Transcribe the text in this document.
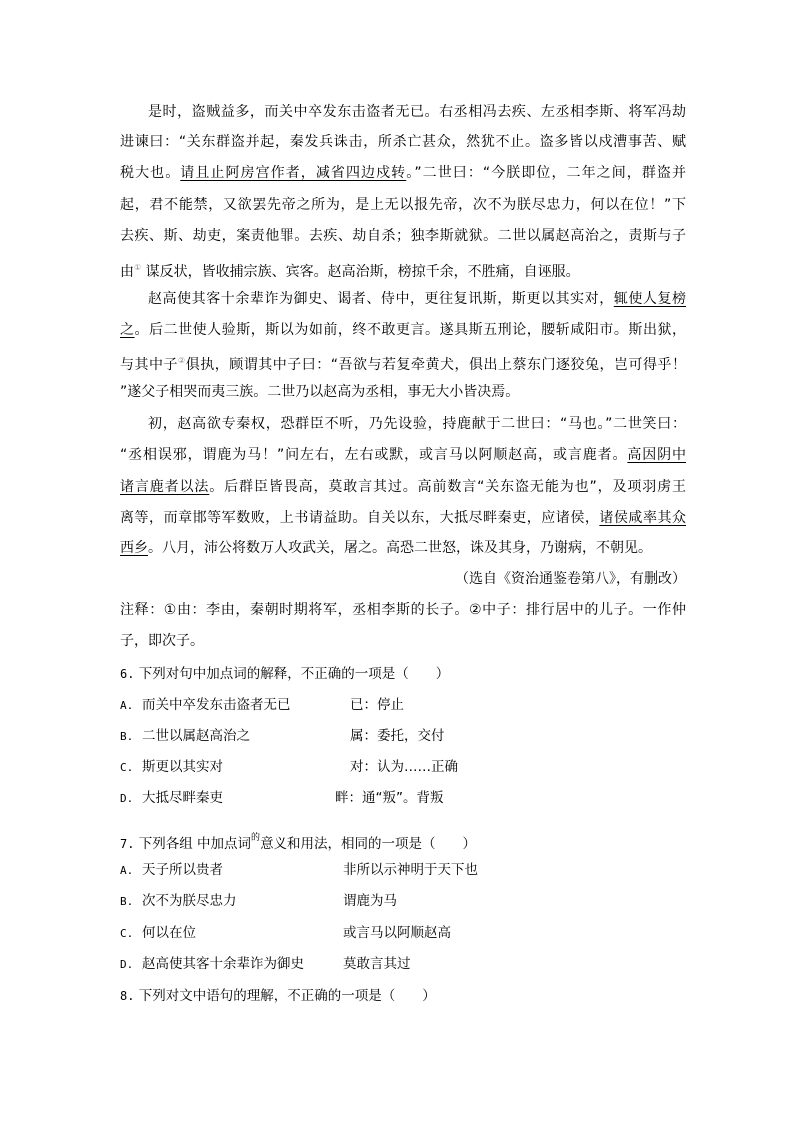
是时，盗贼益多，而关中卒发东击盗者无已。右丞相冯去疾、左丞相李斯、将军冯劫
进谏曰：“关东群盗并起，秦发兵诛击，所杀亡甚众，然犹不止。盗多皆以戍漕事苦、赋
税大也。请且止阿房宫作者，减省四边戍转。”二世曰：“今朕即位，二年之间，群盗并
起，君不能禁，又欲罢先帝之所为，是上无以报先帝，次不为朕尽忠力，何以在位！”下
去疾、斯、劫吏，案责他罪。去疾、劫自杀；独李斯就狱。二世以属赵高治之，责斯与子
由① 谋反状，皆收捕宗族、宾客。赵高治斯，榜掠千余，不胜痛，自诬服。
赵高使其客十余辈诈为御史、谒者、侍中，更往复讯斯，斯更以其实对，辄使人复榜
之。后二世使人验斯，斯以为如前，终不敢更言。遂具斯五刑论，腰斩咸阳市。斯出狱，
与其中子②俱执，顾谓其中子曰：“吾欲与若复牵黄犬，俱出上蔡东门逐狡兔，岂可得乎！
”遂父子相哭而夷三族。二世乃以赵高为丞相，事无大小皆决焉。
初，赵高欲专秦权，恐群臣不听，乃先设验，持鹿献于二世曰：“马也。”二世笑曰：
“丞相误邪，谓鹿为马！”问左右，左右或默，或言马以阿顺赵高，或言鹿者。高因阴中
诸言鹿者以法。后群臣皆畏高，莫敢言其过。高前数言“关东盗无能为也”，及项羽虏王
离等，而章邯等军数败，上书请益助。自关以东，大抵尽畔秦吏，应诸侯，诸侯咸率其众
西乡。八月，沛公将数万人攻武关，屠之。高恐二世怒，诛及其身，乃谢病，不朝见。
（选自《资治通鉴卷第八》，有删改）
注释：①由：李由，秦朝时期将军，丞相李斯的长子。②中子：排行居中的儿子。一作仲
子，即次子。
6. 下列对句中加点词的解释，不正确的一项是（　　）
A. 而关中卒发东击盗者无已	已：停止
B. 二世以属赵高治之	属：委托，交付
C. 斯更以其实对	对：认为……正确
D. 大抵尽畔秦吏	畔：通“叛”。背叛
7. 下列各组 中加点词$^的$意义和用法，相同的一项是（　　）
A. 天子所以贵者	非所以示神明于天下也
B. 次不为朕尽忠力	谓鹿为马
C. 何以在位	或言马以阿顺赵高
D. 赵高使其客十余辈诈为御史	莫敢言其过
8. 下列对文中语句的理解，不正确的一项是（　　）
